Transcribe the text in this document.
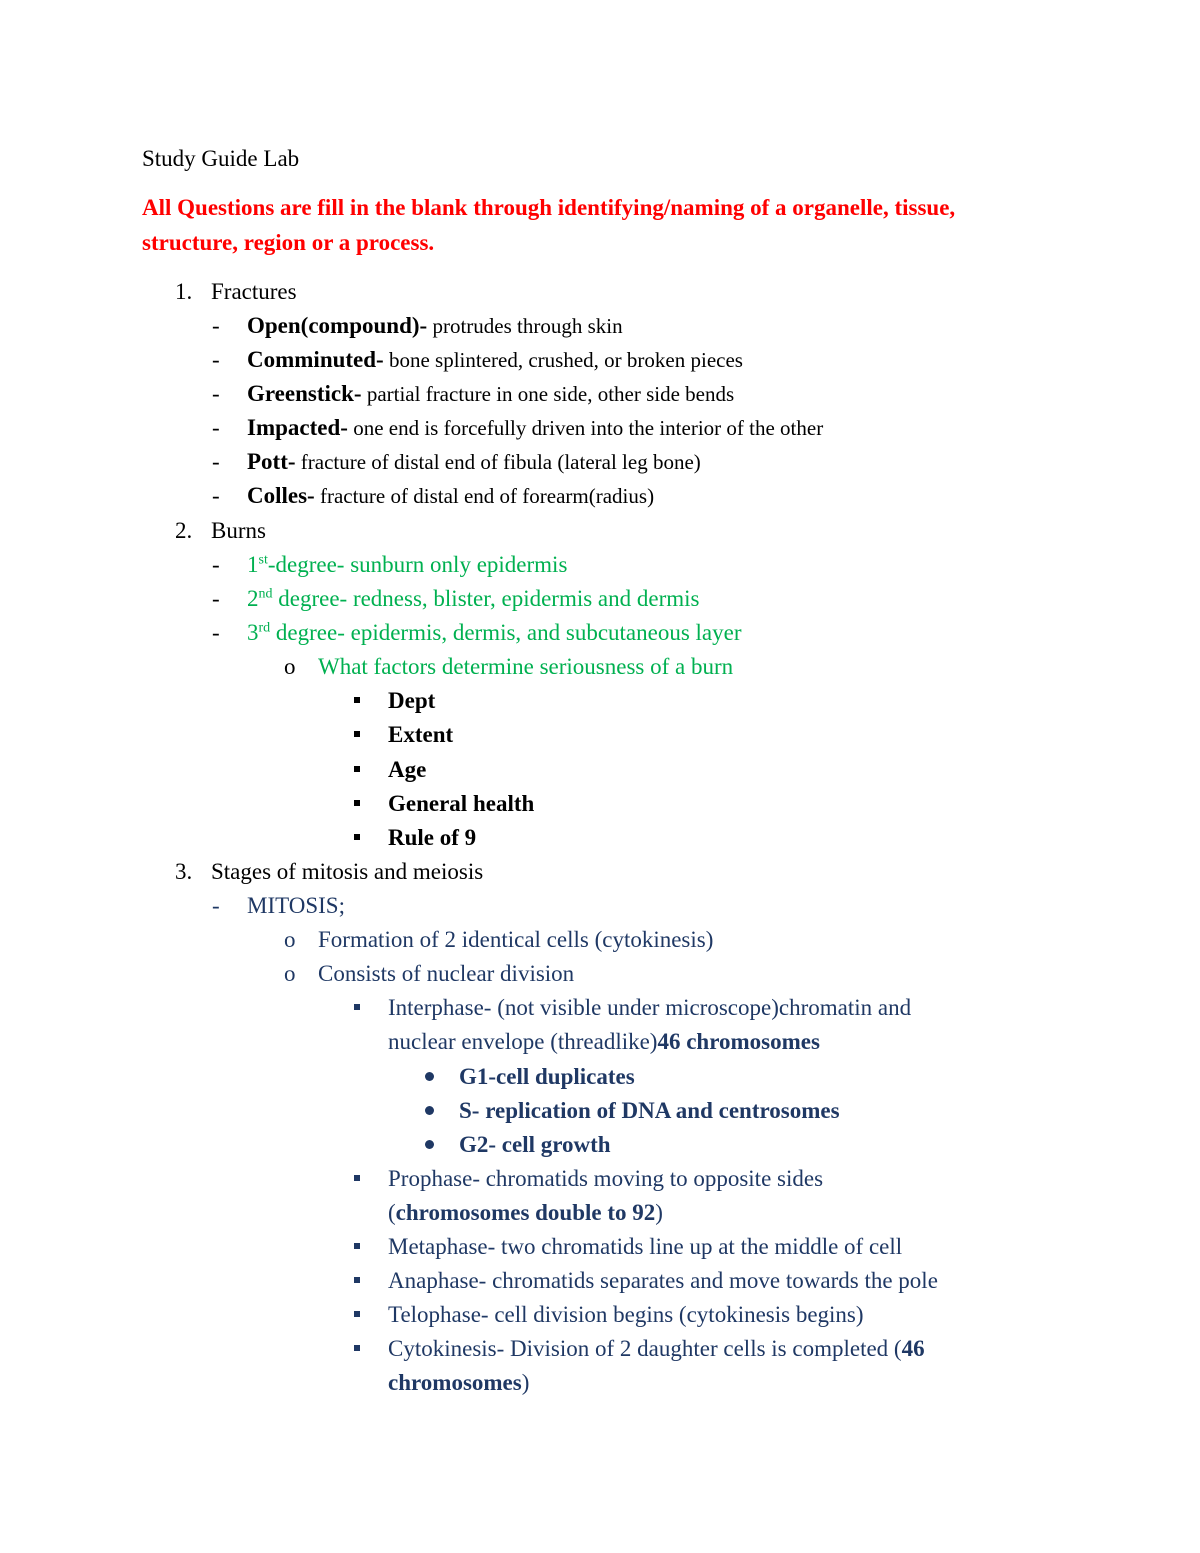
Study Guide Lab
All Questions are fill in the blank through identifying/naming of a organelle, tissue,
structure, region or a process.
1. Fractures
- Open(compound)- protrudes through skin
- Comminuted- bone splintered, crushed, or broken pieces
- Greenstick- partial fracture in one side, other side bends
- Impacted- one end is forcefully driven into the interior of the other
- Pott- fracture of distal end of fibula (lateral leg bone)
- Colles- fracture of distal end of forearm(radius)
2. Burns
- 1st-degree- sunburn only epidermis
- 2nd degree- redness, blister, epidermis and dermis
- 3rd degree- epidermis, dermis, and subcutaneous layer
o What factors determine seriousness of a burn
Dept
Extent
Age
General health
Rule of 9
3. Stages of mitosis and meiosis
- MITOSIS;
o Formation of 2 identical cells (cytokinesis)
o Consists of nuclear division
Interphase- (not visible under microscope)chromatin and
nuclear envelope (threadlike)46 chromosomes
G1-cell duplicates
S- replication of DNA and centrosomes
G2- cell growth
Prophase- chromatids moving to opposite sides
(chromosomes double to 92)
Metaphase- two chromatids line up at the middle of cell
Anaphase- chromatids separates and move towards the pole
Telophase- cell division begins (cytokinesis begins)
Cytokinesis- Division of 2 daughter cells is completed (46
chromosomes)
